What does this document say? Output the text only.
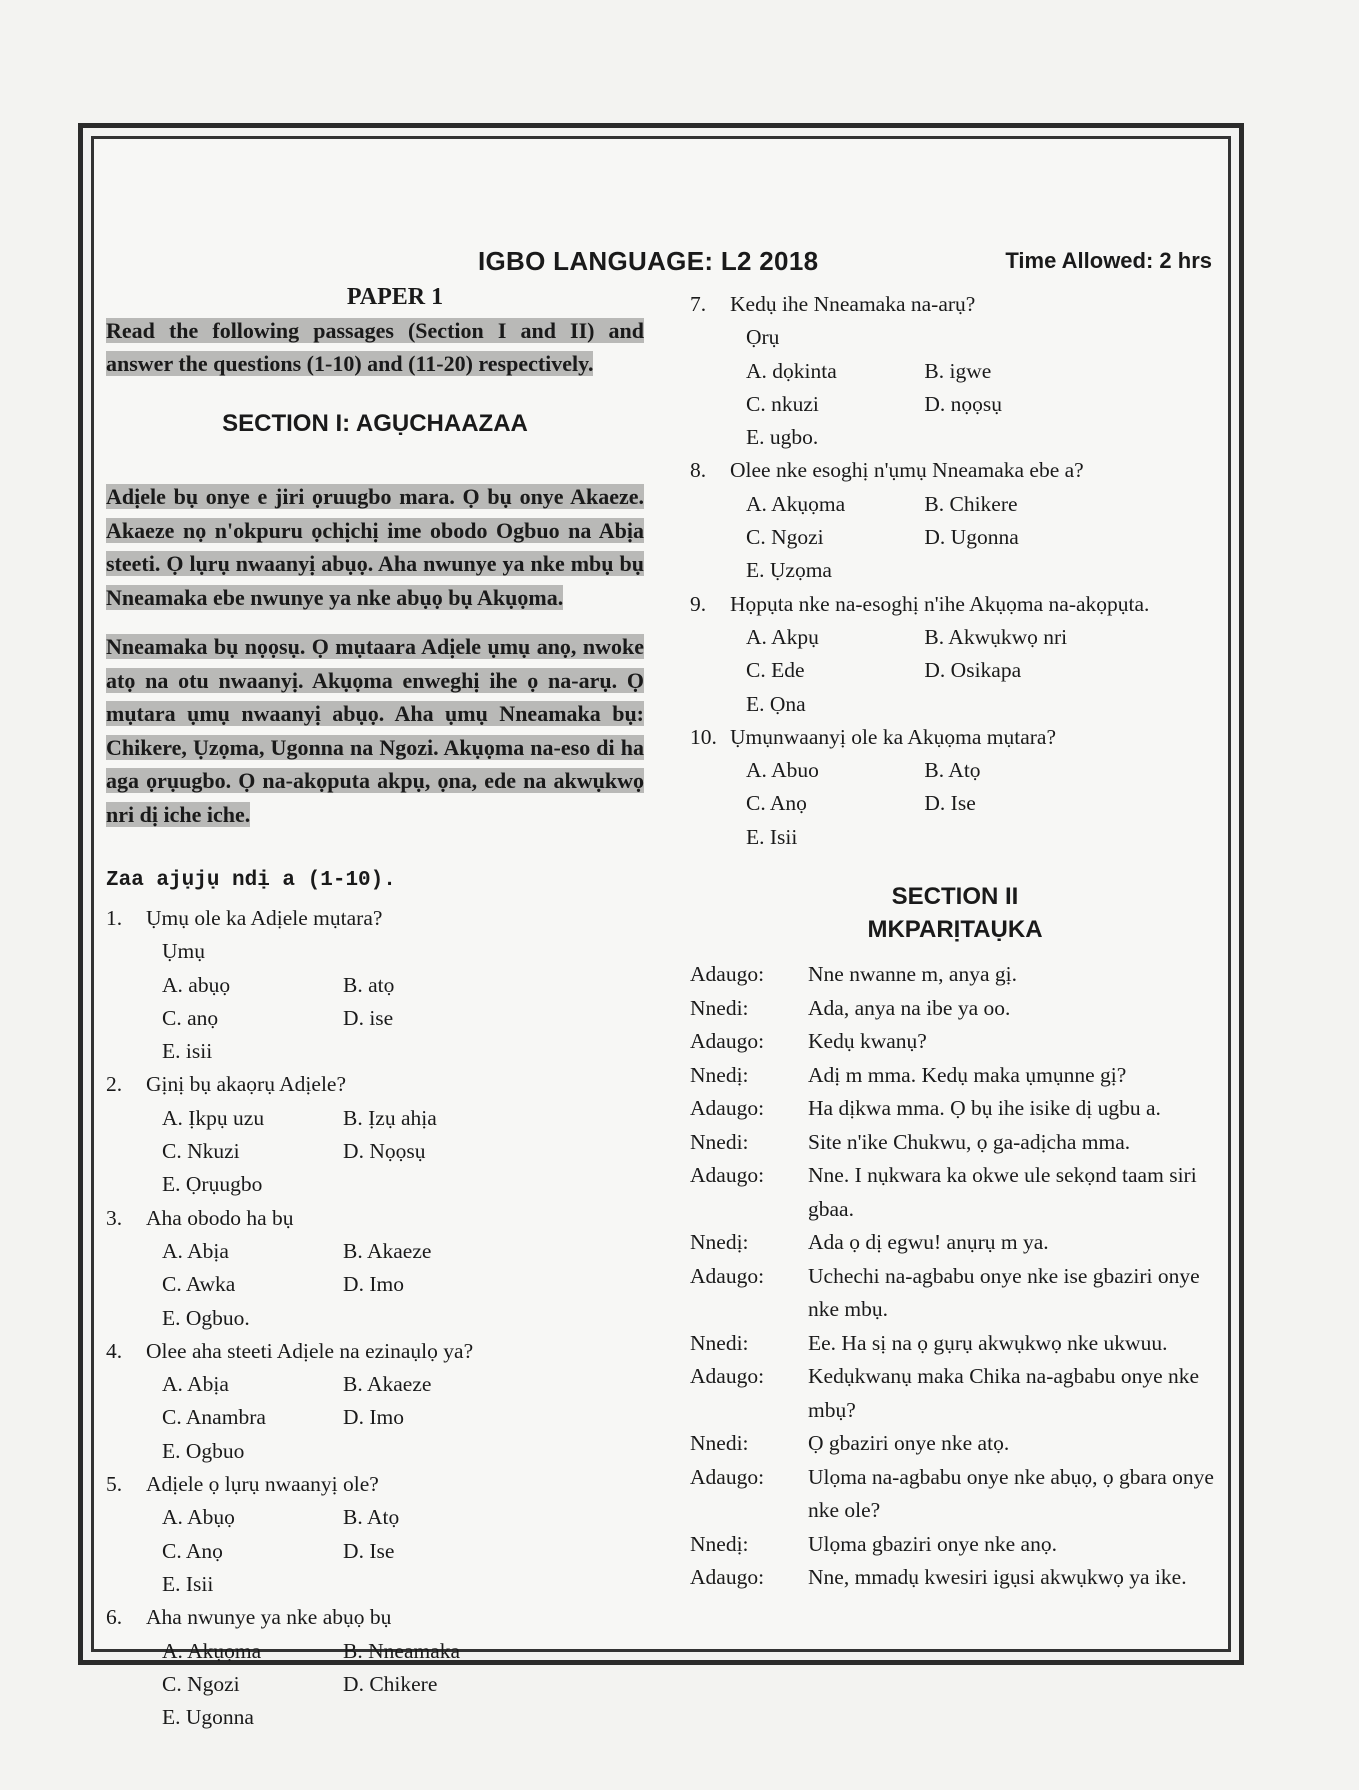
IGBO LANGUAGE: L2 2018	Time Allowed: 2 hrs
PAPER 1
Read the following passages (Section I and II) and answer the questions (1-10) and (11-20) respectively.
SECTION I: AGỤCHAAZAA
Adịele bụ onye e jiri ọruugbo mara. Ọ bụ onye Akaeze. Akaeze nọ n'okpuru ọchịchị ime obodo Ogbuo na Abịa steeti. Ọ lụrụ nwaanyị abụọ. Aha nwunye ya nke mbụ bụ Nneamaka ebe nwunye ya nke abụọ bụ Akụọma.
Nneamaka bụ nọọsụ. Ọ mụtaara Adịele ụmụ anọ, nwoke atọ na otu nwaanyị. Akụọma enweghị ihe ọ na-arụ. Ọ mụtara ụmụ nwaanyị abụọ. Aha ụmụ Nneamaka bụ: Chikere, Ụzọma, Ugonna na Ngozi. Akụọma na-eso di ha aga ọrụugbo. Ọ na-akọputa akpụ, ọna, ede na akwụkwọ nri dị iche iche.
Zaa ajụjụ ndị a (1-10).
1.	Ụmụ ole ka Adịele mụtara?
Ụmụ
A. abụọ	B. atọ
C. anọ	D. ise
E. isii
2.	Gịnị bụ akaọrụ Adịele?
A. Ịkpụ uzu	B. Ịzụ ahịa
C. Nkuzi	D. Nọọsụ
E. Ọrụugbo
3.	Aha obodo ha bụ
A. Abịa	B. Akaeze
C. Awka	D. Imo
E. Ogbuo.
4.	Olee aha steeti Adịele na ezinaụlọ ya?
A. Abịa	B. Akaeze
C. Anambra	D. Imo
E. Ogbuo
5.	Adịele ọ lụrụ nwaanyị ole?
A. Abụọ	B. Atọ
C. Anọ	D. Ise
E. Isii
6.	Aha nwunye ya nke abụọ bụ
A. Akụọma	B. Nneamaka
C. Ngozi	D. Chikere
E. Ugonna
7.	Kedụ ihe Nneamaka na-arụ?
Ọrụ
A. dọkinta	B. igwe
C. nkuzi	D. nọọsụ
E. ugbo.
8.	Olee nke esoghị n'ụmụ Nneamaka ebe a?
A. Akụọma	B. Chikere
C. Ngozi	D. Ugonna
E. Ụzọma
9.	Họpụta nke na-esoghị n'ihe Akụọma na-akọpụta.
A. Akpụ	B. Akwụkwọ nri
C. Ede	D. Osikapa
E. Ọna
10. Ụmụnwaanyị ole ka Akụọma mụtara?
A. Abuo	B. Atọ
C. Anọ	D. Ise
E. Isii
SECTION II
MKPARỊTAỤKA
Adaugo:	Nne nwanne m, anya gị.
Nnedi:	Ada, anya na ibe ya oo.
Adaugo:	Kedụ kwanụ?
Nnedị:	Adị m mma. Kedụ maka ụmụnne gị?
Adaugo:	Ha dịkwa mma. Ọ bụ ihe isike dị ugbu a.
Nnedi:	Site n'ike Chukwu, ọ ga-adịcha mma.
Adaugo:	Nne. I nụkwara ka okwe ule sekọnd taam siri gbaa.
Nnedị:	Ada ọ dị egwu! anụrụ m ya.
Adaugo:	Uchechi na-agbabu onye nke ise gbaziri onye nke mbụ.
Nnedi:	Ee. Ha sị na ọ gụrụ akwụkwọ nke ukwuu.
Adaugo:	Kedụkwanụ maka Chika na-agbabu onye nke mbụ?
Nnedi:	Ọ gbaziri onye nke atọ.
Adaugo:	Ulọma na-agbabu onye nke abụọ, ọ gbara onye nke ole?
Nnedị:	Ulọma gbaziri onye nke anọ.
Adaugo:	Nne, mmadụ kwesiri igụsi akwụkwọ ya ike.
